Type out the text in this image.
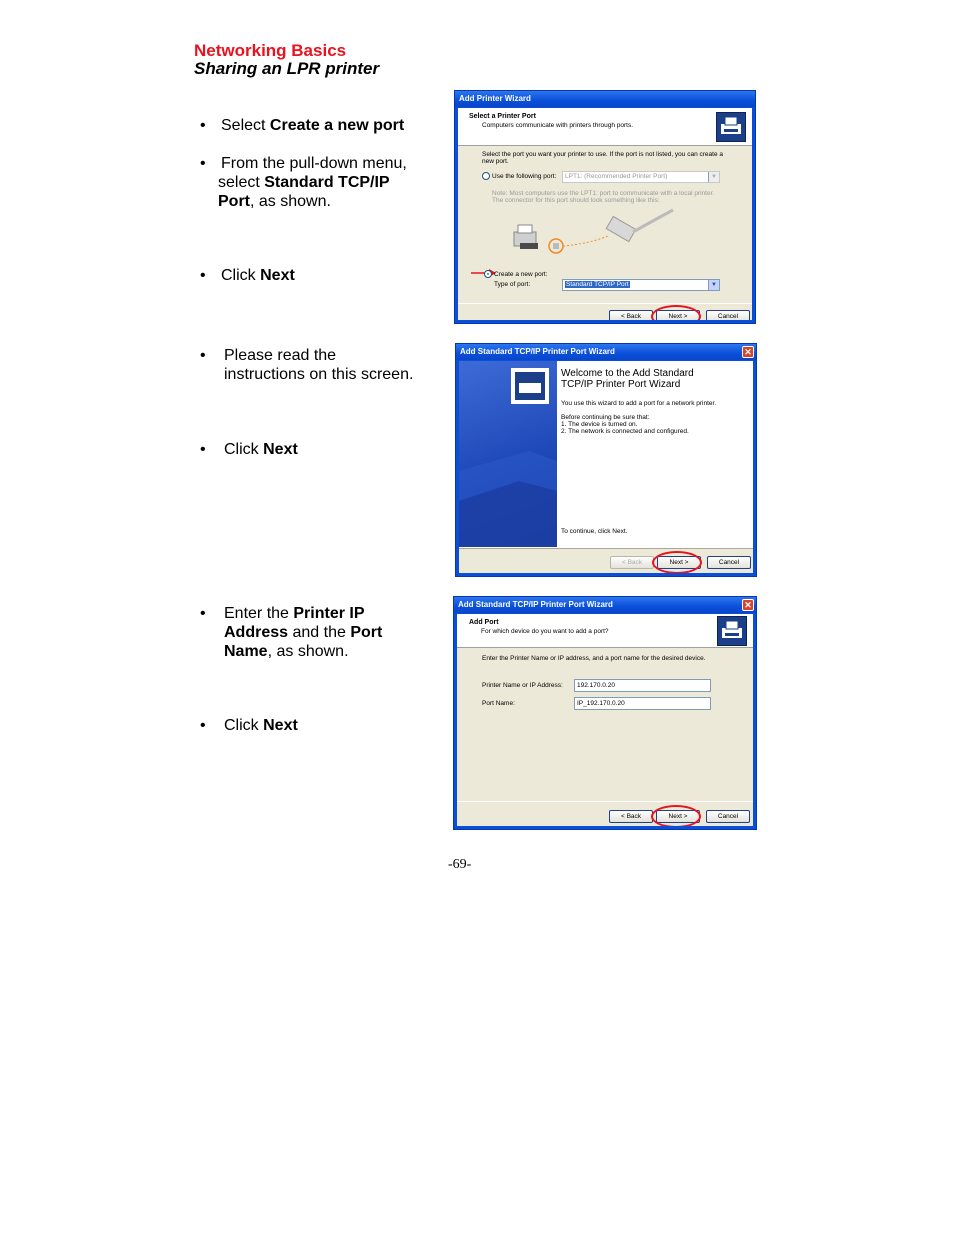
Networking Basics
Sharing an LPR printer
• Select Create a new port
• From the pull-down menu,
select Standard TCP/IP
Port, as shown.
• Click Next
• Please read the
instructions on this screen.
• Click Next
• Enter the Printer IP
Address and the Port
Name, as shown.
• Click Next
Add Printer Wizard
Select a Printer Port
Computers communicate with printers through ports.
Select the port you want your printer to use. If the port is not listed, you can create a
new port.
Use the following port:	LPT1: (Recommended Printer Port)	▼
Note: Most computers use the LPT1: port to communicate with a local printer.
The connector for this port should look something like this:
Create a new port:
Type of port:	Standard TCP/IP Port	▼
< Back	Next >	Cancel
Add Standard TCP/IP Printer Port Wizard	✕
Welcome to the Add Standard
TCP/IP Printer Port Wizard
You use this wizard to add a port for a network printer.
Before continuing be sure that:
1. The device is turned on.
2. The network is connected and configured.
To continue, click Next.
< Back	Next >	Cancel
Add Standard TCP/IP Printer Port Wizard	✕
Add Port
For which device do you want to add a port?
Enter the Printer Name or IP address, and a port name for the desired device.
Printer Name or IP Address:	192.170.0.20
Port Name:	IP_192.170.0.20
< Back	Next >	Cancel
-69-
